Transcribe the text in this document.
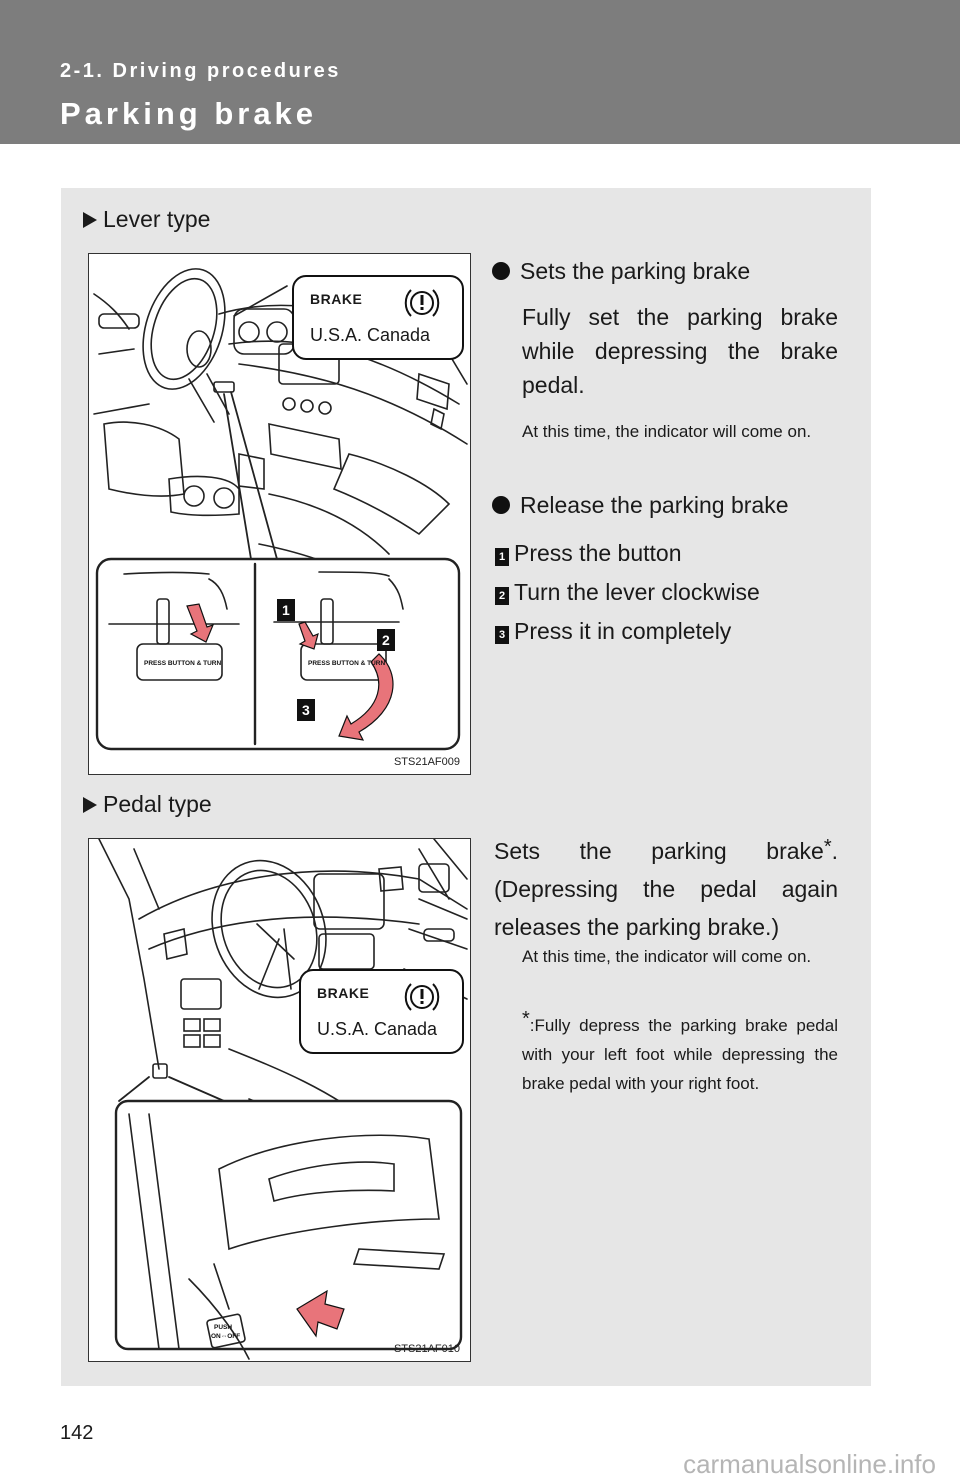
2-1. Driving procedures

Parking brake
Lever type
1
2
3
PRESS BUTTON & TURN	PRESS BUTTON & TURN
BRAKE
U.S.A. Canada
STS21AF009
Sets the parking brake
Fully set the parking brake while depressing the brake pedal.
At this time, the indicator will come on.
Release the parking brake
1 Press the button
2 Turn the lever clockwise
3 Press it in completely
Pedal type
PUSH
ON⇔OFF
BRAKE
U.S.A. Canada
STS21AF010
Sets the parking brake*. (Depressing the pedal again releases the parking brake.)
At this time, the indicator will come on.
*:Fully depress the parking brake pedal with your left foot while depressing the brake pedal with your right foot.

142

carmanualsonline.info
